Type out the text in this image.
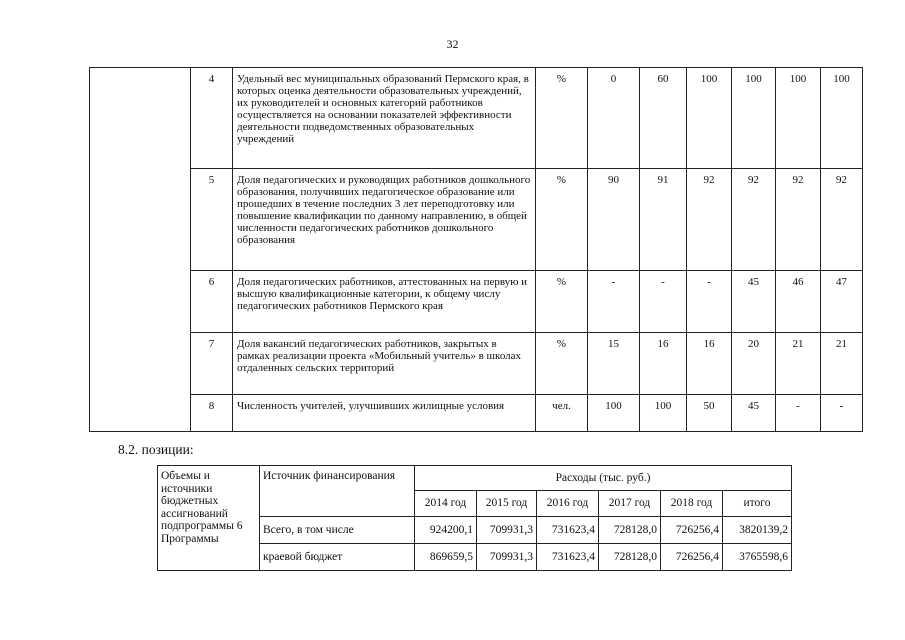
32
	4	Удельный вес муниципальных образований Пермского края, в которых оценка деятельности образовательных учреждений, их руководителей и основных категорий работников осуществляется на основании показателей эффективности деятельности подведомственных образовательных учреждений	%	0	60	100	100	100	100
	5	Доля педагогических и руководящих работников дошкольного образования, получивших педагогическое образование или прошедших в течение последних 3 лет переподготовку или повышение квалификации по данному направлению, в общей численности педагогических работников дошкольного образования	%	90	91	92	92	92	92
	6	Доля педагогических работников, аттестованных на первую и высшую квалификационные категории, к общему числу педагогических работников Пермского края	%	-	-	-	45	46	47
	7	Доля вакансий педагогических работников, закрытых в рамках реализации проекта «Мобильный учитель» в школах отдаленных сельских территорий	%	15	16	16	20	21	21
	8	Численность учителей, улучшивших жилищные условия	чел.	100	100	50	45	-	-
8.2. позиции:
Объемы и источники бюджетных ассигнований подпрограммы 6 Программы	Источник финансирования	Расходы (тыс. руб.)					
		2014 год	2015 год	2016 год	2017 год	2018 год	итого
	Всего, в том числе	924200,1	709931,3	731623,4	728128,0	726256,4	3820139,2
	краевой бюджет	869659,5	709931,3	731623,4	728128,0	726256,4	3765598,6
